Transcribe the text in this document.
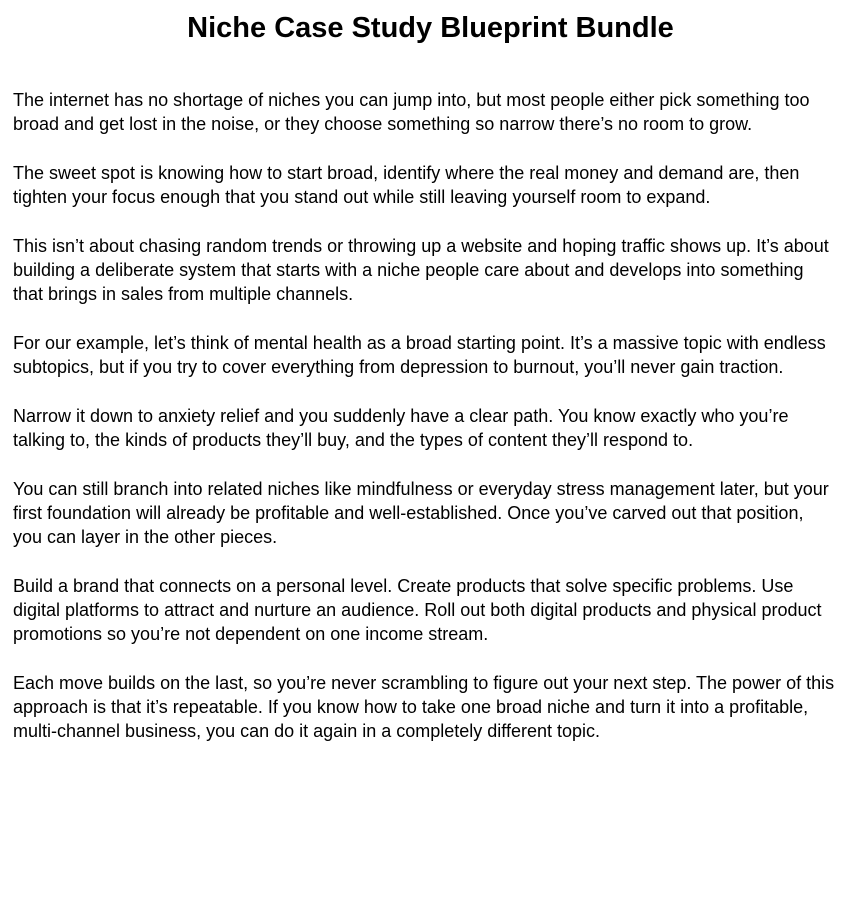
Niche Case Study Blueprint Bundle

The internet has no shortage of niches you can jump into, but most people either pick something too broad and get lost in the noise, or they choose something so narrow there’s no room to grow.

The sweet spot is knowing how to start broad, identify where the real money and demand are, then tighten your focus enough that you stand out while still leaving yourself room to expand.

This isn’t about chasing random trends or throwing up a website and hoping traffic shows up. It’s about building a deliberate system that starts with a niche people care about and develops into something that brings in sales from multiple channels.

For our example, let’s think of mental health as a broad starting point. It’s a massive topic with endless subtopics, but if you try to cover everything from depression to burnout, you’ll never gain traction.

Narrow it down to anxiety relief and you suddenly have a clear path. You know exactly who you’re talking to, the kinds of products they’ll buy, and the types of content they’ll respond to.

You can still branch into related niches like mindfulness or everyday stress management later, but your first foundation will already be profitable and well-established. Once you’ve carved out that position, you can layer in the other pieces.

Build a brand that connects on a personal level. Create products that solve specific problems. Use digital platforms to attract and nurture an audience. Roll out both digital products and physical product promotions so you’re not dependent on one income stream.

Each move builds on the last, so you’re never scrambling to figure out your next step. The power of this approach is that it’s repeatable. If you know how to take one broad niche and turn it into a profitable, multi-channel business, you can do it again in a completely different topic.
